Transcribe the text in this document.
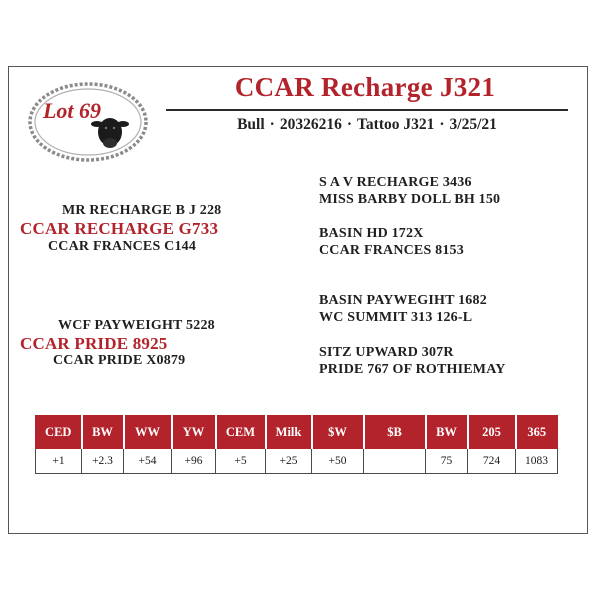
Lot 69
CCAR Recharge J321
Bull · 20326216 · Tattoo J321 · 3/25/21
MR RECHARGE B J 228
CCAR RECHARGE G733
CCAR FRANCES C144
S A V RECHARGE 3436
MISS BARBY DOLL BH 150
BASIN HD 172X
CCAR FRANCES 8153
WCF PAYWEIGHT 5228
CCAR PRIDE 8925
CCAR PRIDE X0879
BASIN PAYWEGIHT 1682
WC SUMMIT 313 126-L
SITZ UPWARD 307R
PRIDE 767 OF ROTHIEMAY
CED	BW	WW	YW	CEM	Milk	$W	$B	BW	205	365
+1	+2.3	+54	+96	+5	+25	+50		75	724	1083
